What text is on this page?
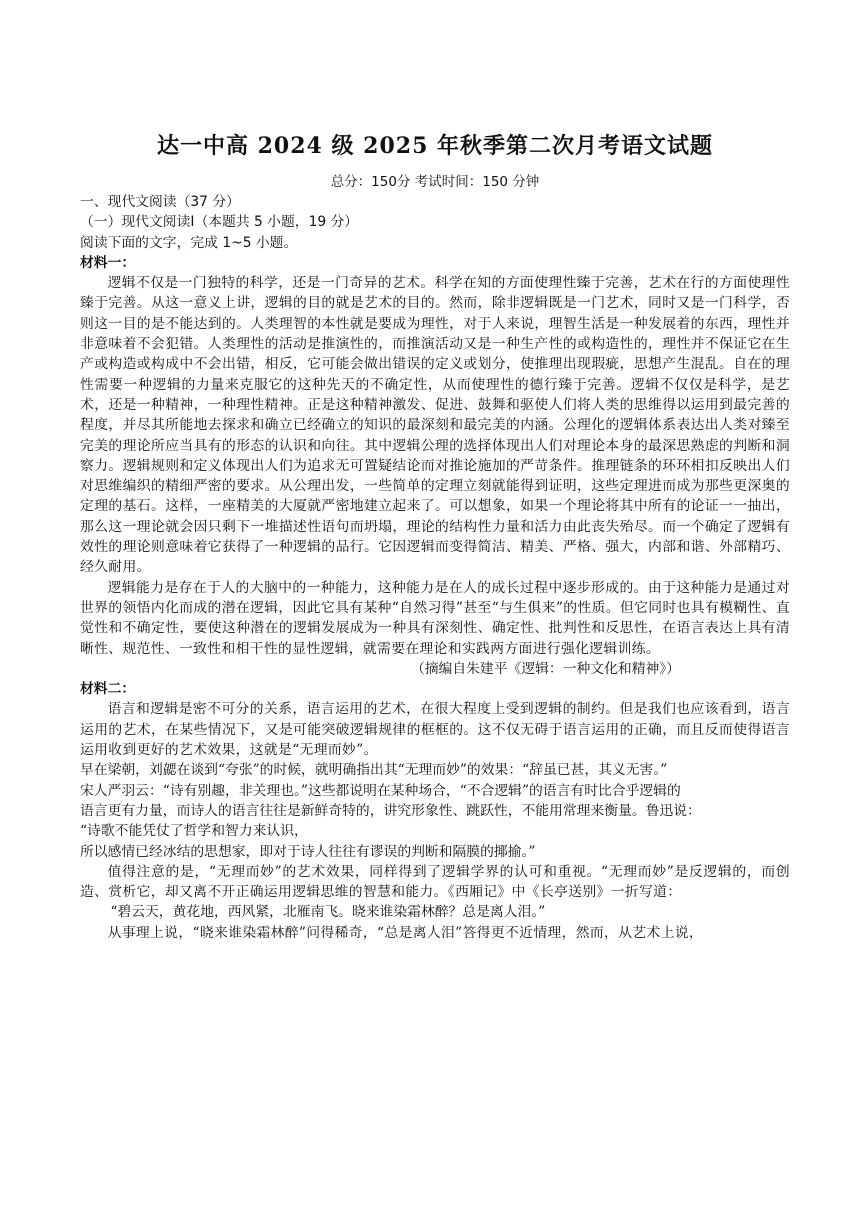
达一中高 2024 级 2025 年秋季第二次月考语文试题

总分：150分 考试时间：150 分钟

一、现代文阅读（37 分）

（一）现代文阅读Ⅰ（本题共 5 小题，19 分）

阅读下面的文字，完成 1~5 小题。

材料一：

逻辑不仅是一门独特的科学，还是一门奇异的艺术。科学在知的方面使理性臻于完善，艺术在行的方面使理性臻于完善。从这一意义上讲，逻辑的目的就是艺术的目的。然而，除非逻辑既是一门艺术，同时又是一门科学，否则这一目的是不能达到的。人类理智的本性就是要成为理性，对于人来说，理智生活是一种发展着的东西，理性并非意味着不会犯错。人类理性的活动是推演性的，而推演活动又是一种生产性的或构造性的，理性并不保证它在生产或构造或构成中不会出错，相反，它可能会做出错误的定义或划分，使推理出现瑕疵，思想产生混乱。自在的理性需要一种逻辑的力量来克服它的这种先天的不确定性，从而使理性的德行臻于完善。逻辑不仅仅是科学，是艺术，还是一种精神，一种理性精神。正是这种精神激发、促进、鼓舞和驱使人们将人类的思维得以运用到最完善的程度，并尽其所能地去探求和确立已经确立的知识的最深刻和最完美的内涵。公理化的逻辑体系表达出人类对臻至完美的理论所应当具有的形态的认识和向往。其中逻辑公理的选择体现出人们对理论本身的最深思熟虑的判断和洞察力。逻辑规则和定义体现出人们为追求无可置疑结论而对推论施加的严苛条件。推理链条的环环相扣反映出人们对思维编织的精细严密的要求。从公理出发，一些简单的定理立刻就能得到证明，这些定理进而成为那些更深奥的定理的基石。这样，一座精美的大厦就严密地建立起来了。可以想象，如果一个理论将其中所有的论证一一抽出，那么这一理论就会因只剩下一堆描述性语句而坍塌，理论的结构性力量和活力由此丧失殆尽。而一个确定了逻辑有效性的理论则意味着它获得了一种逻辑的品行。它因逻辑而变得简洁、精美、严格、强大，内部和谐、外部精巧、经久耐用。

逻辑能力是存在于人的大脑中的一种能力，这种能力是在人的成长过程中逐步形成的。由于这种能力是通过对世界的领悟内化而成的潜在逻辑，因此它具有某种“自然习得”甚至“与生俱来”的性质。但它同时也具有模糊性、直觉性和不确定性，要使这种潜在的逻辑发展成为一种具有深刻性、确定性、批判性和反思性，在语言表达上具有清晰性、规范性、一致性和相干性的显性逻辑，就需要在理论和实践两方面进行强化逻辑训练。

（摘编自朱建平《逻辑：一种文化和精神》）

材料二：

语言和逻辑是密不可分的关系，语言运用的艺术，在很大程度上受到逻辑的制约。但是我们也应该看到，语言运用的艺术，在某些情况下，又是可能突破逻辑规律的框框的。这不仅无碍于语言运用的正确，而且反而使得语言运用收到更好的艺术效果，这就是“无理而妙”。

早在梁朝，刘勰在谈到“夸张”的时候，就明确指出其“无理而妙”的效果：“辞虽已甚，其义无害。”

宋人严羽云：“诗有别趣，非关理也。”这些都说明在某种场合，“不合逻辑”的语言有时比合乎逻辑的

语言更有力量，而诗人的语言往往是新鲜奇特的，讲究形象性、跳跃性，不能用常理来衡量。鲁迅说：

“诗歌不能凭仗了哲学和智力来认识，

所以感情已经冰结的思想家，即对于诗人往往有谬误的判断和隔膜的揶揄。”

值得注意的是，“无理而妙”的艺术效果，同样得到了逻辑学界的认可和重视。“无理而妙”是反逻辑的，而创造、赏析它，却又离不开正确运用逻辑思维的智慧和能力。《西厢记》中《长亭送别》一折写道：

“碧云天，黄花地，西风紧，北雁南飞。晓来谁染霜林醉？总是离人泪。”

从事理上说，“晓来谁染霜林醉”问得稀奇，“总是离人泪”答得更不近情理，然而，从艺术上说，
